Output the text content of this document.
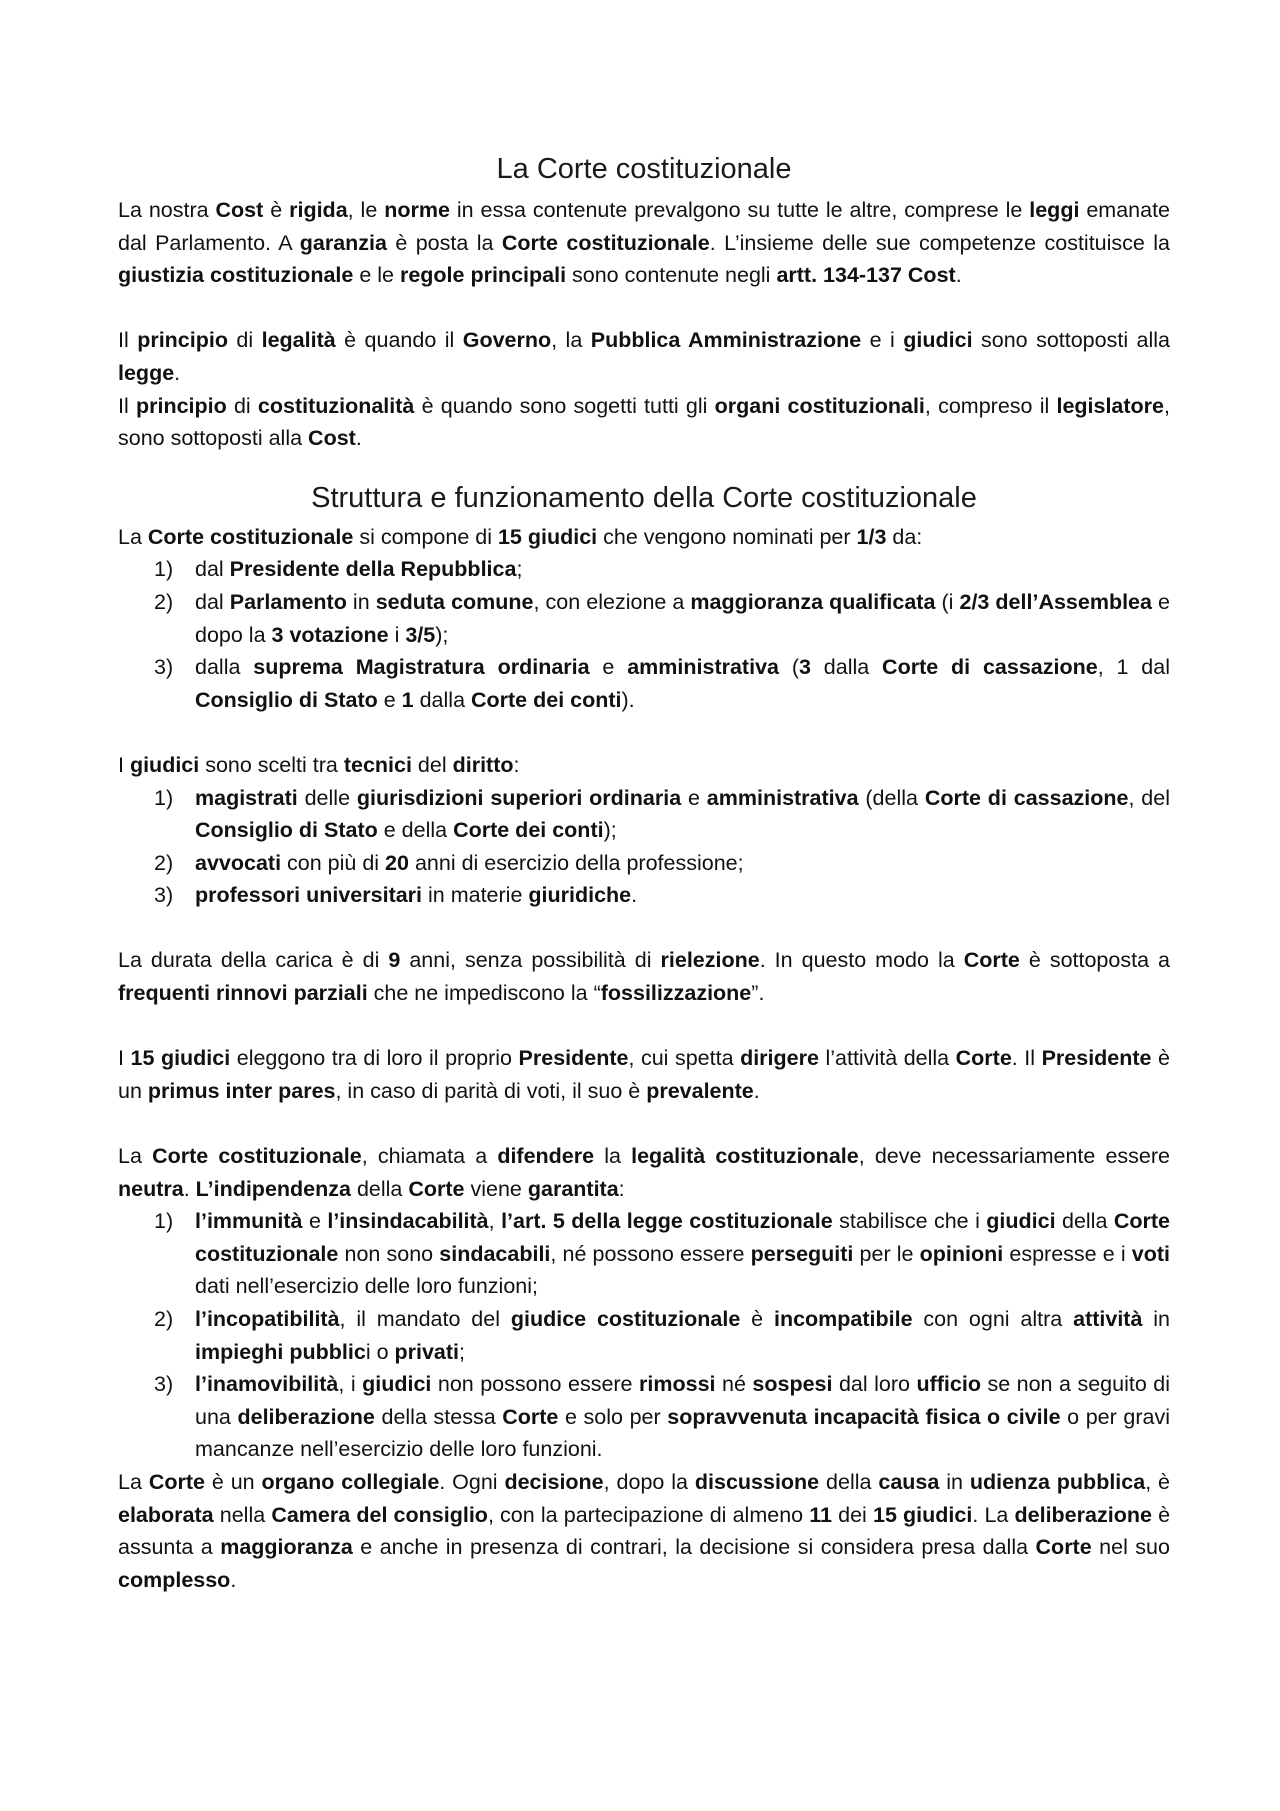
La Corte costituzionale

La nostra Cost è rigida, le norme in essa contenute prevalgono su tutte le altre, comprese le leggi emanate dal Parlamento. A garanzia è posta la Corte costituzionale. L’insieme delle sue competenze costituisce la giustizia costituzionale e le regole principali sono contenute negli artt. 134-137 Cost.

Il principio di legalità è quando il Governo, la Pubblica Amministrazione e i giudici sono sottoposti alla legge.

Il principio di costituzionalità è quando sono sogetti tutti gli organi costituzionali, compreso il legislatore, sono sottoposti alla Cost.

Struttura e funzionamento della Corte costituzionale

La Corte costituzionale si compone di 15 giudici che vengono nominati per 1/3 da:

1) dal Presidente della Repubblica;
2) dal Parlamento in seduta comune, con elezione a maggioranza qualificata (i 2/3 dell’Assemblea e dopo la 3 votazione i 3/5);
3) dalla suprema Magistratura ordinaria e amministrativa (3 dalla Corte di cassazione, 1 dal Consiglio di Stato e 1 dalla Corte dei conti).

I giudici sono scelti tra tecnici del diritto:

1) magistrati delle giurisdizioni superiori ordinaria e amministrativa (della Corte di cassazione, del Consiglio di Stato e della Corte dei conti);
2) avvocati con più di 20 anni di esercizio della professione;
3) professori universitari in materie giuridiche.

La durata della carica è di 9 anni, senza possibilità di rielezione. In questo modo la Corte è sottoposta a frequenti rinnovi parziali che ne impediscono la “fossilizzazione”.

I 15 giudici eleggono tra di loro il proprio Presidente, cui spetta dirigere l’attività della Corte. Il Presidente è un primus inter pares, in caso di parità di voti, il suo è prevalente.

La Corte costituzionale, chiamata a difendere la legalità costituzionale, deve necessariamente essere neutra. L’indipendenza della Corte viene garantita:

1) l’immunità e l’insindacabilità, l’art. 5 della legge costituzionale stabilisce che i giudici della Corte costituzionale non sono sindacabili, né possono essere perseguiti per le opinioni espresse e i voti dati nell’esercizio delle loro funzioni;
2) l’incopatibilità, il mandato del giudice costituzionale è incompatibile con ogni altra attività in impieghi pubblici o privati;
3) l’inamovibilità, i giudici non possono essere rimossi né sospesi dal loro ufficio se non a seguito di una deliberazione della stessa Corte e solo per sopravvenuta incapacità fisica o civile o per gravi mancanze nell’esercizio delle loro funzioni.

La Corte è un organo collegiale. Ogni decisione, dopo la discussione della causa in udienza pubblica, è elaborata nella Camera del consiglio, con la partecipazione di almeno 11 dei 15 giudici. La deliberazione è assunta a maggioranza e anche in presenza di contrari, la decisione si considera presa dalla Corte nel suo complesso.
